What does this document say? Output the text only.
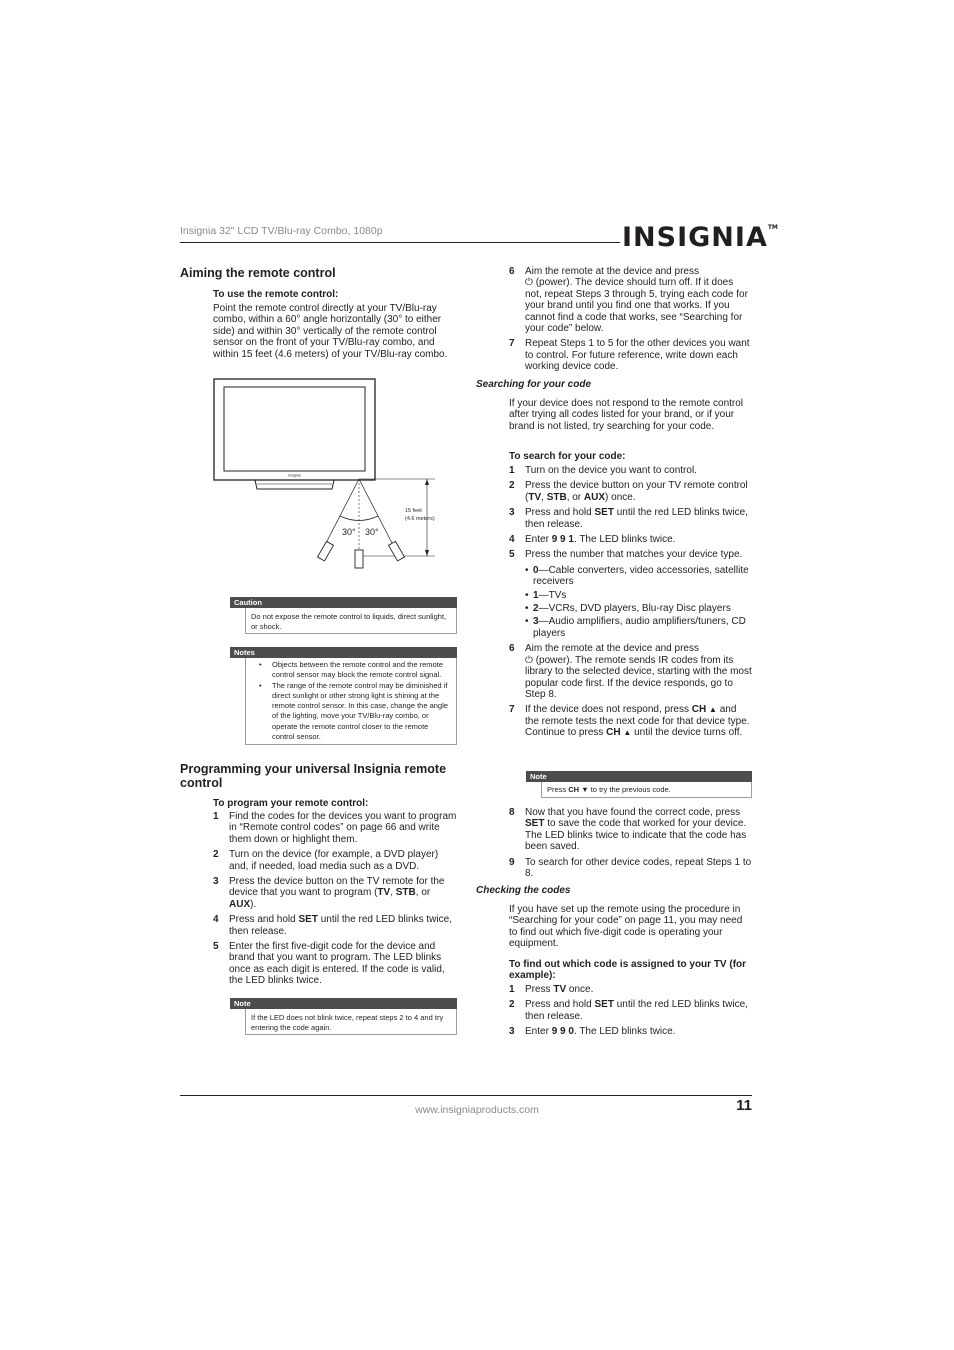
Insignia 32" LCD TV/Blu-ray Combo, 1080p	INSIGNIA™
Aiming the remote control
To use the remote control:
Point the remote control directly at your TV/Blu-ray combo, within a 60° angle horizontally (30° to either side) and within 30° vertically of the remote control sensor on the front of your TV/Blu-ray combo, and within 15 feet (4.6 meters) of your TV/Blu-ray combo.
insignia
15 feet
(4.6 meters)
30° 30°
Caution
Do not expose the remote control to liquids, direct sunlight, or shock.
Notes
• Objects between the remote control and the remote control sensor may block the remote control signal.
• The range of the remote control may be diminished if direct sunlight or other strong light is shining at the remote control sensor. In this case, change the angle of the lighting, move your TV/Blu-ray combo, or operate the remote control closer to the remote control sensor.
Programming your universal Insignia remote control
To program your remote control:
1 Find the codes for the devices you want to program in “Remote control codes” on page 66 and write them down or highlight them.
2 Turn on the device (for example, a DVD player) and, if needed, load media such as a DVD.
3 Press the device button on the TV remote for the device that you want to program (TV, STB, or AUX).
4 Press and hold SET until the red LED blinks twice, then release.
5 Enter the first five-digit code for the device and brand that you want to program. The LED blinks once as each digit is entered. If the code is valid, the LED blinks twice.
Note
If the LED does not blink twice, repeat steps 2 to 4 and try entering the code again.
6 Aim the remote at the device and press
⏻ (power). The device should turn off. If it does not, repeat Steps 3 through 5, trying each code for your brand until you find one that works. If you cannot find a code that works, see “Searching for your code” below.
7 Repeat Steps 1 to 5 for the other devices you want to control. For future reference, write down each working device code.
Searching for your code
If your device does not respond to the remote control after trying all codes listed for your brand, or if your brand is not listed, try searching for your code.
To search for your code:
1 Turn on the device you want to control.
2 Press the device button on your TV remote control (TV, STB, or AUX) once.
3 Press and hold SET until the red LED blinks twice, then release.
4 Enter 9 9 1. The LED blinks twice.
5 Press the number that matches your device type.
• 0—Cable converters, video accessories, satellite receivers
• 1—TVs
• 2—VCRs, DVD players, Blu-ray Disc players
• 3—Audio amplifiers, audio amplifiers/tuners, CD players
6 Aim the remote at the device and press
⏻ (power). The remote sends IR codes from its library to the selected device, starting with the most popular code first. If the device responds, go to Step 8.
7 If the device does not respond, press CH ▲ and the remote tests the next code for that device type. Continue to press CH ▲ until the device turns off.
Note
Press CH ▼ to try the previous code.
8 Now that you have found the correct code, press SET to save the code that worked for your device. The LED blinks twice to indicate that the code has been saved.
9 To search for other device codes, repeat Steps 1 to 8.
Checking the codes
If you have set up the remote using the procedure in “Searching for your code” on page 11, you may need to find out which five-digit code is operating your equipment.
To find out which code is assigned to your TV (for example):
1 Press TV once.
2 Press and hold SET until the red LED blinks twice, then release.
3 Enter 9 9 0. The LED blinks twice.
www.insigniaproducts.com	11
